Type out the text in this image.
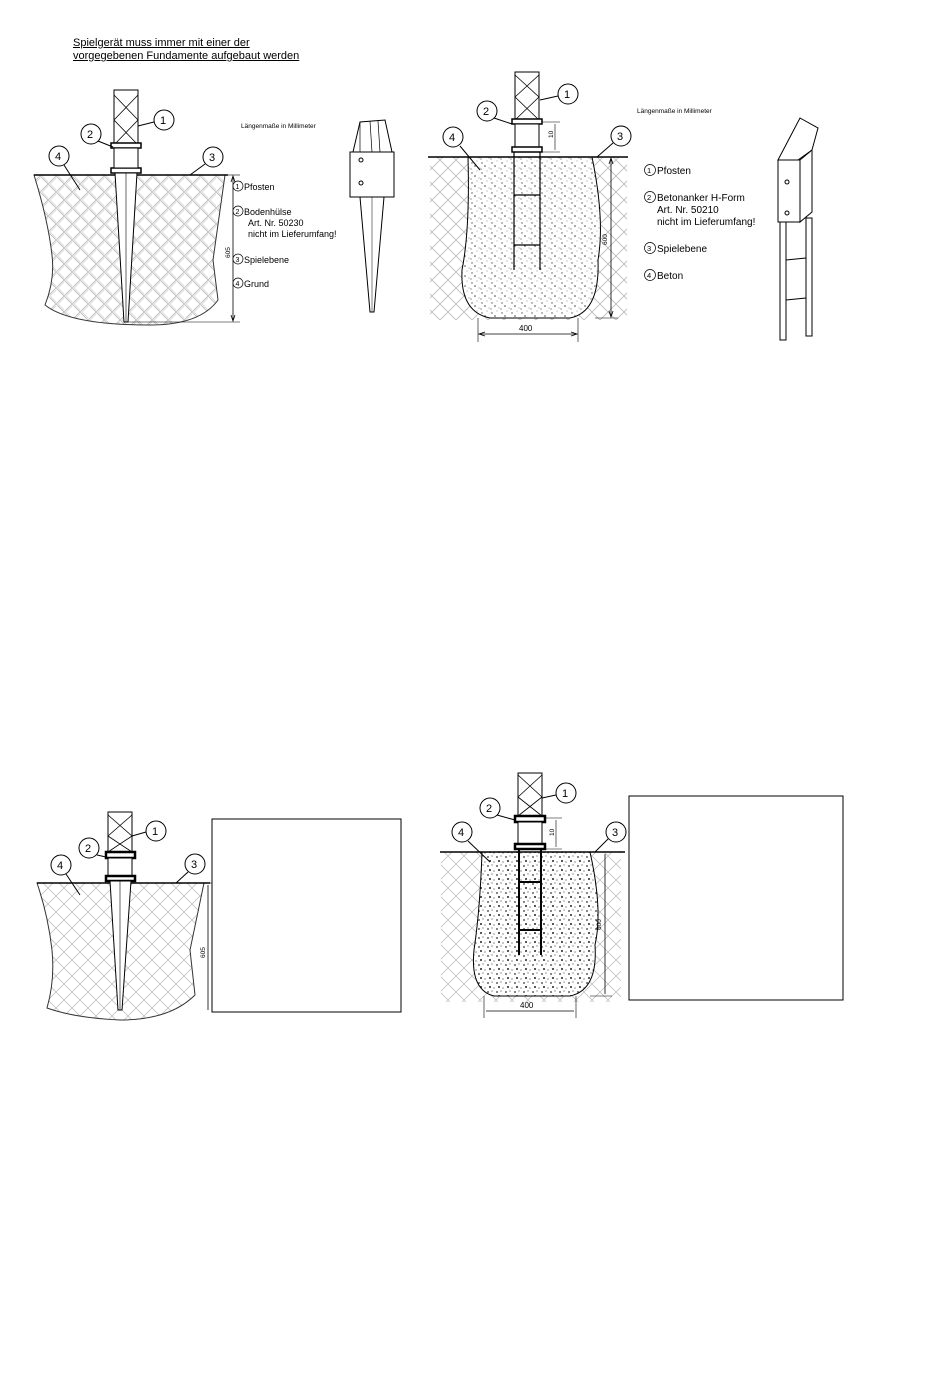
Spielgerät muss immer mit einer der
vorgegebenen Fundamente aufgebaut werden
1
2
3
4
605
Längenmaße in Millimeter
1 Pfosten
2 Bodenhülse
Art. Nr. 50230
nicht im Lieferumfang!
3 Spielebene
4 Grund
1
2
3
4	10
600
400
Längenmaße in Millimeter
1 Pfosten
2 Betonanker H-Form
Art. Nr. 50210
nicht im Lieferumfang!
3 Spielebene
4 Beton
1
2
3
4
605
1
2
3
4	10
600
400
